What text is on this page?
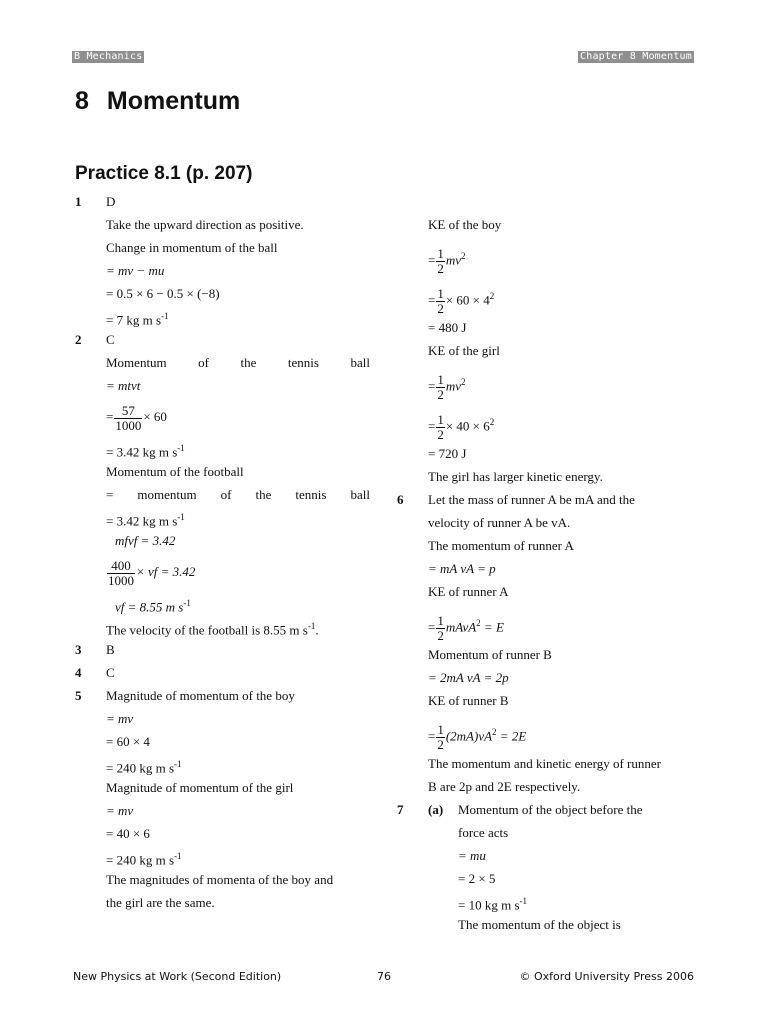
B Mechanics	Chapter 8 Momentum
8 Momentum
Practice 8.1 (p. 207)
1 D
Take the upward direction as positive.
Change in momentum of the ball
= mv − mu
= 0.5 × 6 − 0.5 × (−8)
= 7 kg m $s^{-1}$
2 C
Momentum of the tennis ball
= mtvt
= $\frac{57}{1000} \times 60$
= 3.42 kg m $s^{-1}$
Momentum of the football
= momentum of the tennis ball
= 3.42 kg m $s^{-1}$
mfvf = 3.42
$\frac{400}{1000}$ × vf = 3.42
vf = 8.55 m $s^{-1}$
The velocity of the football is 8.55 m $s^{-1}$.
3 B
4 C
5 Magnitude of momentum of the boy
= mv
= 60 × 4
= 240 kg m $s^{-1}$
Magnitude of momentum of the girl
= mv
= 40 × 6
= 240 kg m $s^{-1}$
The magnitudes of momenta of the boy and
the girl are the same.
KE of the boy
= $\frac{1}{2} mv^2$
= $\frac{1}{2} \times 60 \times 4^2$
= 480 J
KE of the girl
= $\frac{1}{2} mv^2$
= $\frac{1}{2} \times 40 \times 6^2$
= 720 J
The girl has larger kinetic energy.
6 Let the mass of runner A be mA and the
velocity of runner A be vA.
The momentum of runner A
= mA vA = p
KE of runner A
= $\frac{1}{2}$ mAvA$^2$ = E
Momentum of runner B
= 2mA vA = 2p
KE of runner B
= $\frac{1}{2} (2mA)vA^2 = 2E$
The momentum and kinetic energy of runner
B are 2p and 2E respectively.
7 (a) Momentum of the object before the
force acts
= mu
= 2 × 5
= 10 kg m $s^{-1}$
The momentum of the object is
New Physics at Work (Second Edition)	76	© Oxford University Press 2006
